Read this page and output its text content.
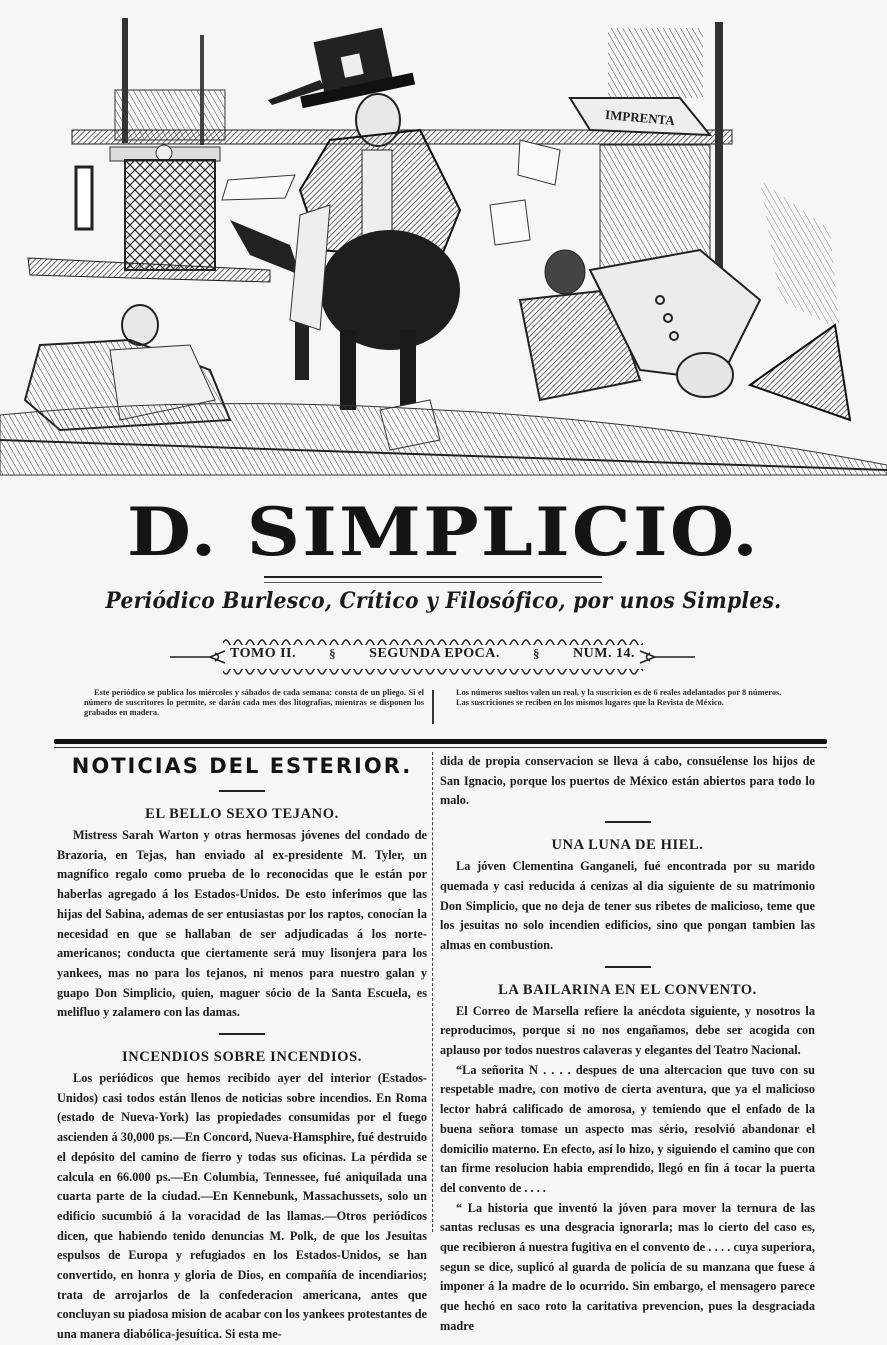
IMPRENTA
D. SIMPLICIO.
Periódico Burlesco, Crítico y Filosófico, por unos Simples.
TOMO II.	§ SEGUNDA EPOCA.	§ NUM. 14.

Este periódico se publica los miércoles y sábados de cada semana: consta de un pliego. Si el número de suscritores lo permite, se darán cada mes dos litografías, mientras se disponen los grabados en madera.

Los números sueltos valen un real, y la suscricion es de 6 reales adelantados por 8 números.

Las suscriciones se reciben en los mismos lugares que la Revista de México.

NOTICIAS DEL ESTERIOR.
EL BELLO SEXO TEJANO.

Mistress Sarah Warton y otras hermosas jóvenes del condado de Brazoria, en Tejas, han enviado al ex-presidente M. Tyler, un magnífico regalo como prueba de lo reconocidas que le están por haberlas agregado á los Estados-Unidos. De esto inferimos que las hijas del Sabina, ademas de ser entusiastas por los raptos, conocían la necesidad en que se hallaban de ser adjudicadas á los norte-americanos; conducta que ciertamente será muy lisonjera para los yankees, mas no para los tejanos, ni menos para nuestro galan y guapo Don Simplicio, quien, maguer sócio de la Santa Escuela, es melifluo y zalamero con las damas.

INCENDIOS SOBRE INCENDIOS.

Los periódicos que hemos recibido ayer del interior (Estados-Unidos) casi todos están llenos de noticias sobre incendios. En Roma (estado de Nueva-York) las propiedades consumidas por el fuego ascienden á 30,000 ps.—En Concord, Nueva-Hamsphire, fué destruido el depósito del camino de fierro y todas sus oficinas. La pérdida se calcula en 66.000 ps.—En Columbia, Tennessee, fué aniquilada una cuarta parte de la ciudad.—En Kennebunk, Massachussets, solo un edificio sucumbió á la voracidad de las llamas.—Otros periódicos dicen, que habiendo tenido denuncias M. Polk, de que los Jesuitas espulsos de Europa y refugiados en los Estados-Unidos, se han convertido, en honra y gloria de Dios, en compañía de incendiarios; trata de arrojarlos de la confederacion americana, antes que concluyan su piadosa mision de acabar con los yankees protestantes de una manera diabólica-jesuítica. Si esta me-

dida de propia conservacion se lleva á cabo, consuélense los hijos de San Ignacio, porque los puertos de México están abiertos para todo lo malo.

UNA LUNA DE HIEL.

La jóven Clementina Ganganeli, fué encontrada por su marido quemada y casi reducida á cenizas al dia siguiente de su matrimonio Don Simplicio, que no deja de tener sus ribetes de malicioso, teme que los jesuitas no solo incendien edificios, sino que pongan tambien las almas en combustion.

LA BAILARINA EN EL CONVENTO.

El Correo de Marsella refiere la anécdota siguiente, y nosotros la reproducimos, porque si no nos engañamos, debe ser acogida con aplauso por todos nuestros calaveras y elegantes del Teatro Nacional.

“La señorita N . . . . despues de una altercacion que tuvo con su respetable madre, con motivo de cierta aventura, que ya el malicioso lector habrá calificado de amorosa, y temiendo que el enfado de la buena señora tomase un aspecto mas sério, resolvió abandonar el domicilio materno. En efecto, así lo hizo, y siguiendo el camino que con tan firme resolucion habia emprendido, llegó en fin á tocar la puerta del convento de . . . .

“ La historia que inventó la jóven para mover la ternura de las santas reclusas es una desgracia ignorarla; mas lo cierto del caso es, que recibieron á nuestra fugitiva en el convento de . . . . cuya superiora, segun se dice, suplicó al guarda de policía de su manzana que fuese á imponer á la madre de lo ocurrido. Sin embargo, el mensagero parece que hechó en saco roto la caritativa prevencion, pues la desgraciada madre
